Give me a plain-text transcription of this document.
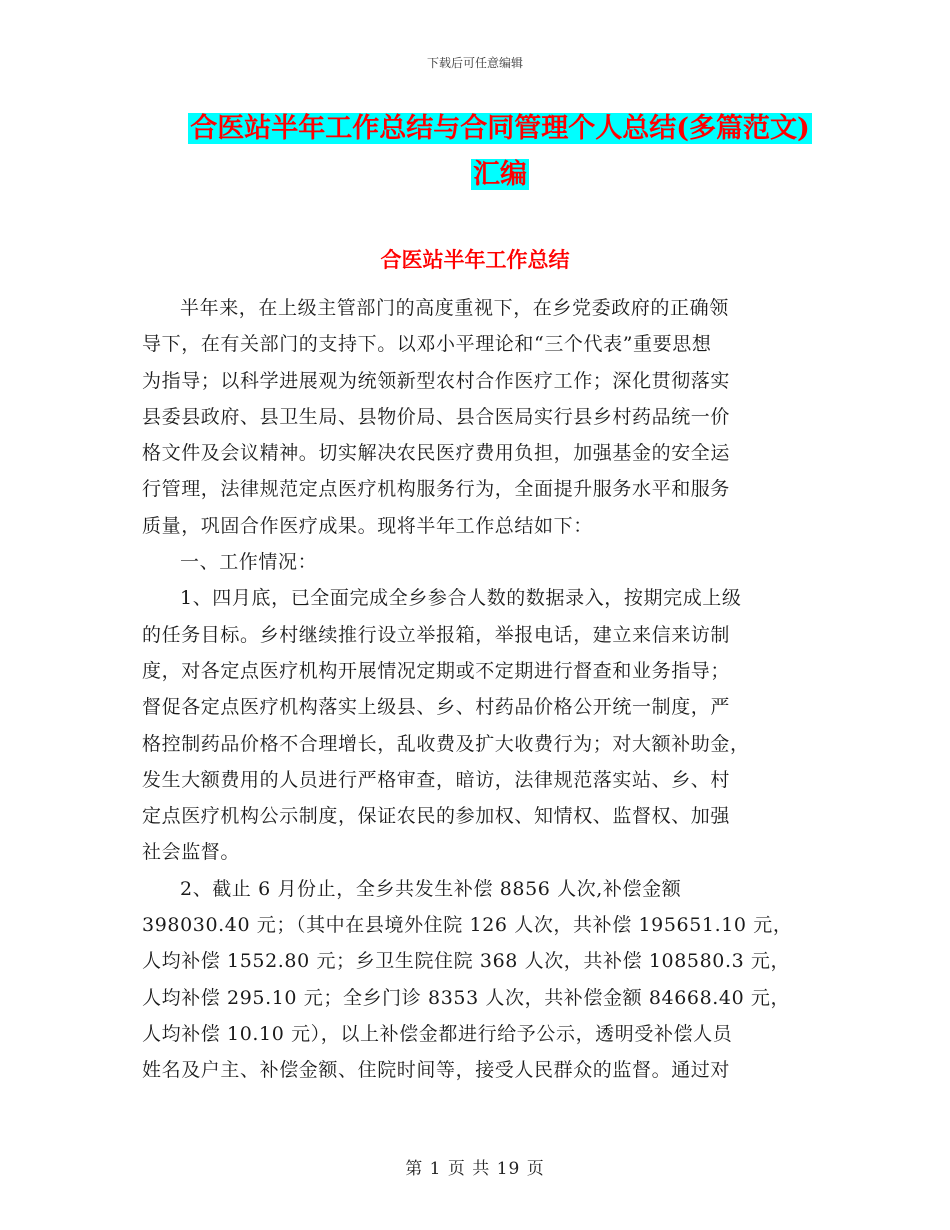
下载后可任意编辑
合医站半年工作总结与合同管理个人总结(多篇范文)
汇编
合医站半年工作总结

半年来，在上级主管部门的高度重视下，在乡党委政府的正确领
导下，在有关部门的支持下。以邓小平理论和“三个代表”重要思想
为指导；以科学进展观为统领新型农村合作医疗工作；深化贯彻落实
县委县政府、县卫生局、县物价局、县合医局实行县乡村药品统一价
格文件及会议精神。切实解决农民医疗费用负担，加强基金的安全运
行管理，法律规范定点医疗机构服务行为，全面提升服务水平和服务
质量，巩固合作医疗成果。现将半年工作总结如下：

一、工作情况：

1、四月底，已全面完成全乡参合人数的数据录入，按期完成上级
的任务目标。乡村继续推行设立举报箱，举报电话，建立来信来访制
度，对各定点医疗机构开展情况定期或不定期进行督查和业务指导；
督促各定点医疗机构落实上级县、乡、村药品价格公开统一制度，严
格控制药品价格不合理增长，乱收费及扩大收费行为；对大额补助金，
发生大额费用的人员进行严格审查，暗访，法律规范落实站、乡、村
定点医疗机构公示制度，保证农民的参加权、知情权、监督权、加强
社会监督。

2、截止 6 月份止，全乡共发生补偿 8856 人次,补偿金额
398030.40 元；（其中在县境外住院 126 人次，共补偿 195651.10 元，
人均补偿 1552.80 元；乡卫生院住院 368 人次，共补偿 108580.3 元，
人均补偿 295.10 元；全乡门诊 8353 人次，共补偿金额 84668.40 元，
人均补偿 10.10 元），以上补偿金都进行给予公示，透明受补偿人员
姓名及户主、补偿金额、住院时间等，接受人民群众的监督。通过对

第 1 页 共 19 页
